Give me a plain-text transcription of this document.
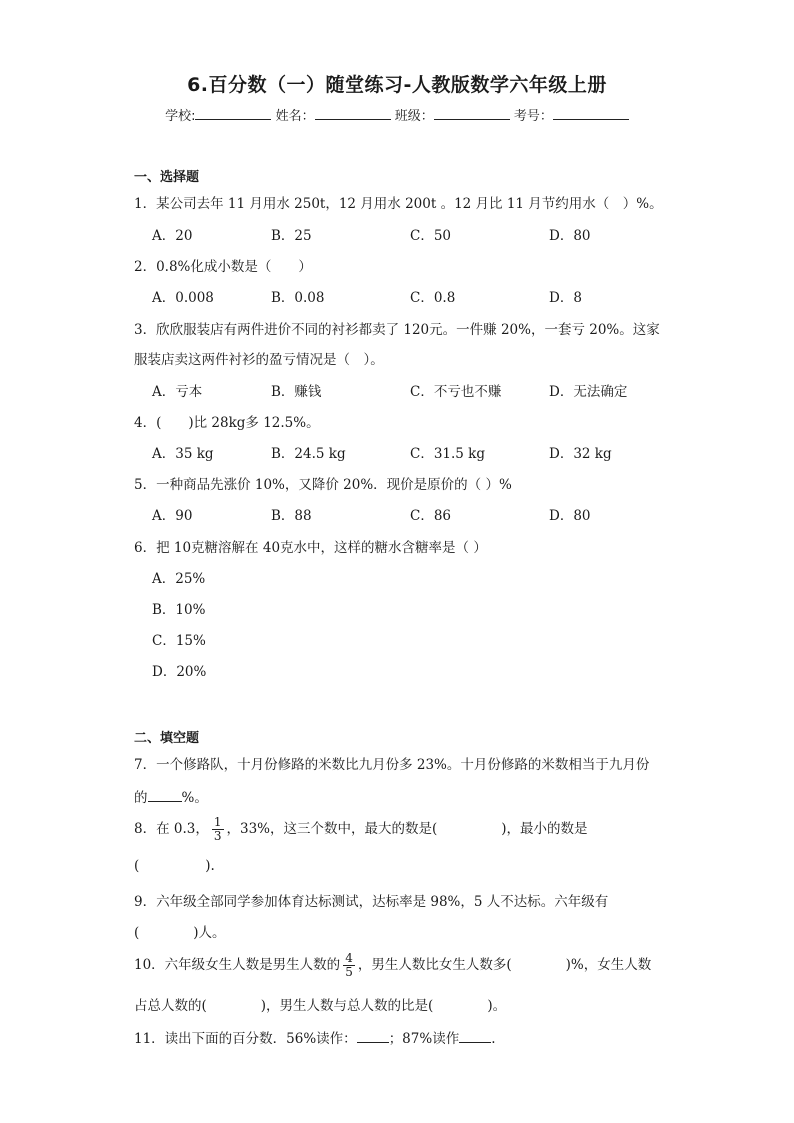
6.百分数（一）随堂练习-人教版数学六年级上册
学校:	姓名：	班级：	考号：
一、选择题
1．某公司去年 11 月用水 250t，12 月用水 200t 。12 月比 11 月节约用水（　）%。
A．20	B．25	C．50	D．80
2．0.8%化成小数是（　　）
A．0.008	B．0.08	C．0.8	D．8
3．欣欣服装店有两件进价不同的衬衫都卖了 120元。一件赚 20%，一套亏 20%。这家
服装店卖这两件衬衫的盈亏情况是（　）。
A．亏本	B．赚钱	C．不亏也不赚	D．无法确定
4．(　　)比 28kg多 12.5%。
A．35 kg	B．24.5 kg	C．31.5 kg	D．32 kg
5．一种商品先涨价 10%，又降价 20%．现价是原价的（ ）%
A．90	B．88	C．86	D．80
6．把 10克糖溶解在 40克水中，这样的糖水含糖率是（ ）
A．25%
B．10%
C．15%
D．20%
二、填空题
7．一个修路队，十月份修路的米数比九月份多 23%。十月份修路的米数相当于九月份
的	%。
8．在 0.3， $\frac{1}{3}$ ，33%，这三个数中，最大的数是(	)，最小的数是
(	).
9．六年级全部同学参加体育达标测试，达标率是 98%，5 人不达标。六年级有
(	)人。
10．六年级女生人数是男生人数的 $\frac{4}{5}$ ，男生人数比女生人数多(	)%，女生人数
占总人数的(	)，男生人数与总人数的比是(	)。
11．读出下面的百分数．56%读作： ；87%读作 .
